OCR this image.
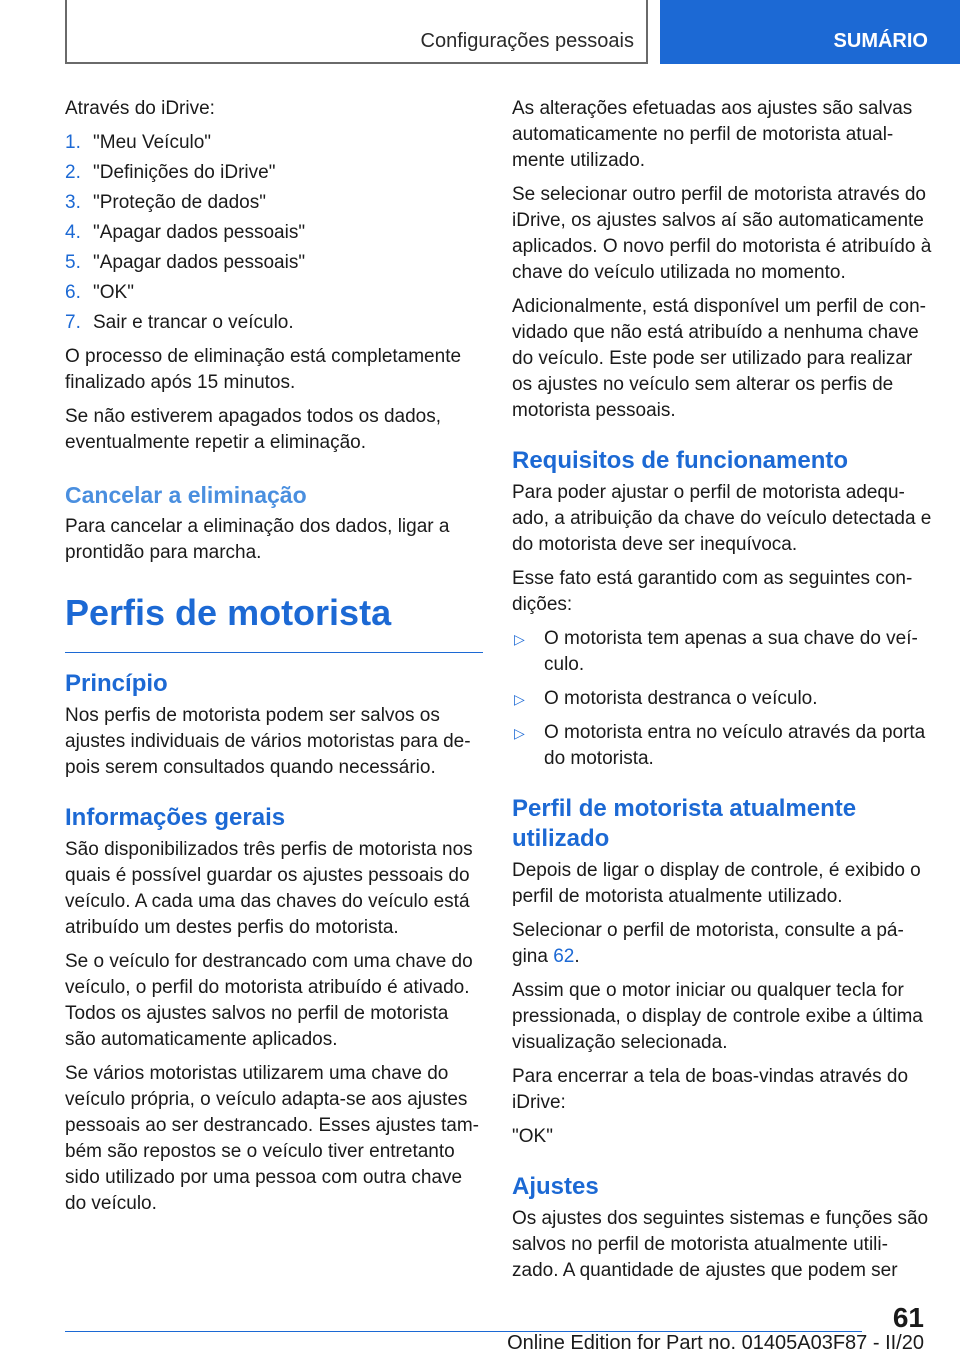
Configurações pessoais	SUMÁRIO

Através do iDrive:

1. "Meu Veículo"
2. "Definições do iDrive"
3. "Proteção de dados"
4. "Apagar dados pessoais"
5. "Apagar dados pessoais"
6. "OK"
7. Sair e trancar o veículo.

O processo de eliminação está completamente finalizado após 15 minutos.

Se não estiverem apagados todos os dados, eventualmente repetir a eliminação.

Cancelar a eliminação

Para cancelar a eliminação dos dados, ligar a prontidão para marcha.

Perfis de motorista
Princípio

Nos perfis de motorista podem ser salvos os ajustes individuais de vários motoristas para de-pois serem consultados quando necessário.

Informações gerais

São disponibilizados três perfis de motorista nos quais é possível guardar os ajustes pessoais do veículo. A cada uma das chaves do veículo está atribuído um destes perfis do motorista.

Se o veículo for destrancado com uma chave do veículo, o perfil do motorista atribuído é ativado. Todos os ajustes salvos no perfil de motorista são automaticamente aplicados.

Se vários motoristas utilizarem uma chave do veículo própria, o veículo adapta-se aos ajustes pessoais ao ser destrancado. Esses ajustes tam-bém são repostos se o veículo tiver entretanto sido utilizado por uma pessoa com outra chave do veículo.

As alterações efetuadas aos ajustes são salvas automaticamente no perfil de motorista atual-mente utilizado.

Se selecionar outro perfil de motorista através do iDrive, os ajustes salvos aí são automaticamente aplicados. O novo perfil do motorista é atribuído à chave do veículo utilizada no momento.

Adicionalmente, está disponível um perfil de con-vidado que não está atribuído a nenhuma chave do veículo. Este pode ser utilizado para realizar os ajustes no veículo sem alterar os perfis de motorista pessoais.

Requisitos de funcionamento

Para poder ajustar o perfil de motorista adequ-ado, a atribuição da chave do veículo detectada e do motorista deve ser inequívoca.

Esse fato está garantido com as seguintes con-dições:

▷	O motorista tem apenas a sua chave do veí-culo.
▷	O motorista destranca o veículo.
▷	O motorista entra no veículo através da porta do motorista.
Perfil de motorista atualmente utilizado

Depois de ligar o display de controle, é exibido o perfil de motorista atualmente utilizado.

Selecionar o perfil de motorista, consulte a pá-gina 62.

Assim que o motor iniciar ou qualquer tecla for pressionada, o display de controle exibe a última visualização selecionada.

Para encerrar a tela de boas-vindas através do iDrive:

"OK"

Ajustes

Os ajustes dos seguintes sistemas e funções são salvos no perfil de motorista atualmente utili-zado. A quantidade de ajustes que podem ser

61
Online Edition for Part no. 01405A03F87 - II/20
